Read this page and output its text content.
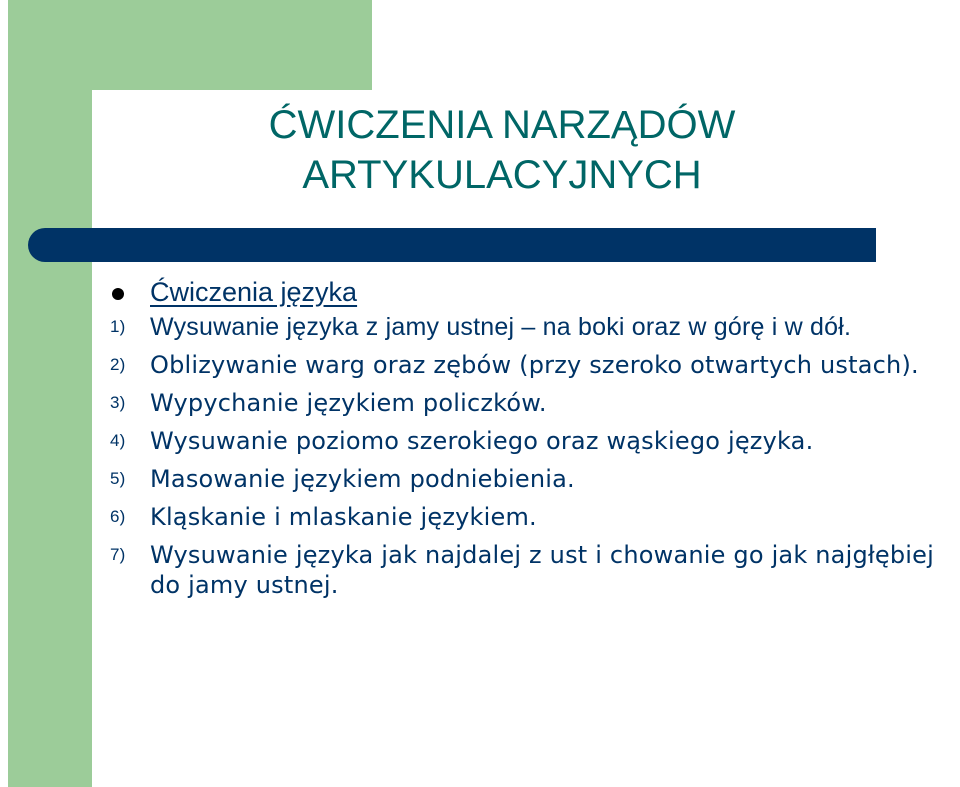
ĆWICZENIA NARZĄDÓW
ARTYKULACYJNYCH
Ćwiczenia języka
1 )	Wysuwanie języka z jamy ustnej – na boki oraz w górę i w dół.
2 )	Oblizywanie warg oraz zębów (przy szeroko otwartych ustach).
3 )	Wypychanie językiem policzków.
4 )	Wysuwanie poziomo szerokiego oraz wąskiego języka.
5 )	Masowanie językiem podniebienia.
6 )	Kląskanie i mlaskanie językiem.
7 )	Wysuwanie języka jak najdalej z ust i chowanie go jak najgłębiej do jamy ustnej.
